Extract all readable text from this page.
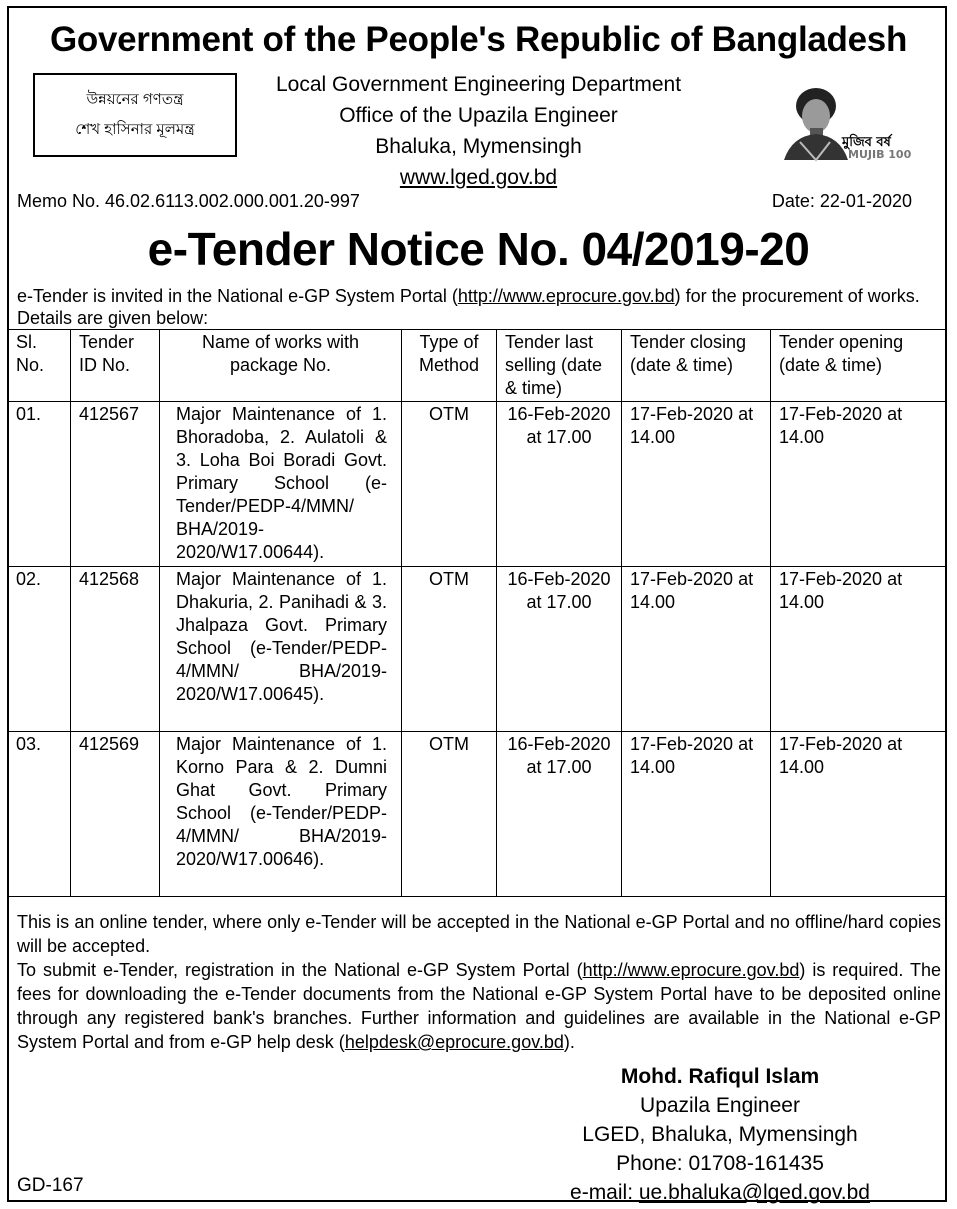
Government of the People's Republic of Bangladesh
উন্নয়নের গণতন্ত্র
শেখ হাসিনার মূলমন্ত্র
Local Government Engineering Department
Office of the Upazila Engineer
Bhaluka, Mymensingh
www.lged.gov.bd
মুজিব বর্ষ
MUJIB 100
Memo No. 46.02.6113.002.000.001.20-997	Date: 22-01-2020
e-Tender Notice No. 04/2019-20
e-Tender is invited in the National e-GP System Portal (http://www.eprocure.gov.bd) for the procurement of works. Details are given below:
Sl. No.	Tender ID No.	Name of works with package No.	Type of Method	Tender last selling (date & time)	Tender closing (date & time)	Tender opening (date & time)
01.	412567	Major Maintenance of 1. Bhoradoba, 2. Aulatoli & 3. Loha Boi Boradi Govt. Primary School (e-Tender/PEDP-4/MMN/ BHA/2019-2020/W17.00644).	OTM	16-Feb-2020 at 17.00	17-Feb-2020 at 14.00	17-Feb-2020 at 14.00
02.	412568	Major Maintenance of 1. Dhakuria, 2. Panihadi & 3. Jhalpaza Govt. Primary School (e-Tender/PEDP-4/MMN/ BHA/2019-2020/W17.00645).	OTM	16-Feb-2020 at 17.00	17-Feb-2020 at 14.00	17-Feb-2020 at 14.00
03.	412569	Major Maintenance of 1. Korno Para & 2. Dumni Ghat Govt. Primary School (e-Tender/PEDP-4/MMN/ BHA/2019-2020/W17.00646).	OTM	16-Feb-2020 at 17.00	17-Feb-2020 at 14.00	17-Feb-2020 at 14.00
This is an online tender, where only e-Tender will be accepted in the National e-GP Portal and no offline/hard copies will be accepted.
To submit e-Tender, registration in the National e-GP System Portal (http://www.eprocure.gov.bd) is required. The fees for downloading the e-Tender documents from the National e-GP System Portal have to be deposited online through any registered bank's branches. Further information and guidelines are available in the National e-GP System Portal and from e-GP help desk (helpdesk@eprocure.gov.bd).
Mohd. Rafiqul Islam
Upazila Engineer
LGED, Bhaluka, Mymensingh
Phone: 01708-161435
e-mail: ue.bhaluka@lged.gov.bd
GD-167
